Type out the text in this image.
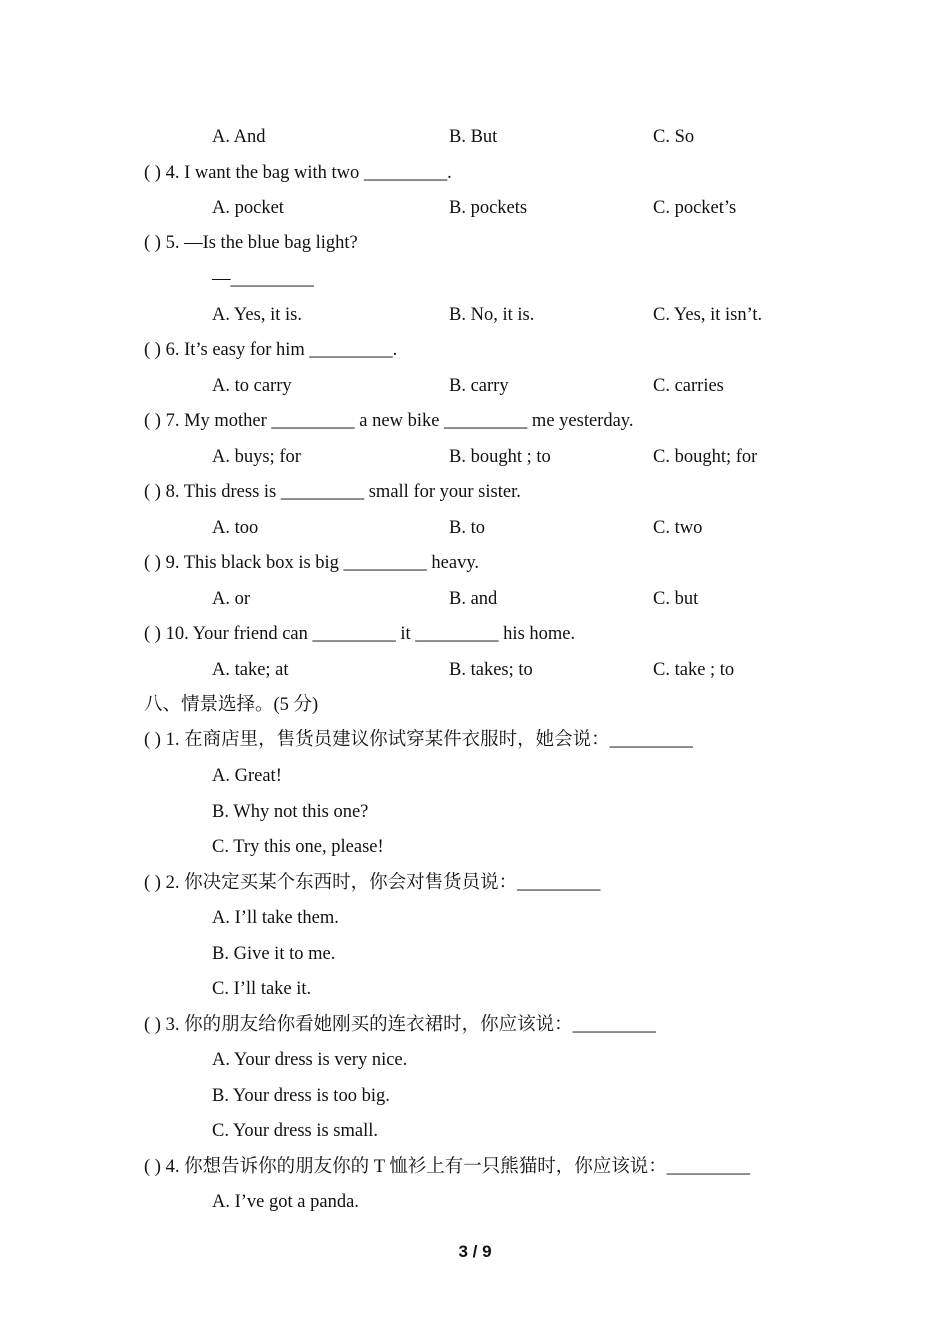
A. And	B. But	C. So
( ) 4. I want the bag with two _________.
A. pocket	B. pockets	C. pocket’s
( ) 5. —Is the blue bag light?
—_________
A. Yes, it is.	B. No, it is.	C. Yes, it isn’t.
( ) 6. It’s easy for him _________.
A. to carry	B. carry	C. carries
( ) 7. My mother _________ a new bike _________ me yesterday.
A. buys; for	B. bought ; to	C. bought; for
( ) 8. This dress is _________ small for your sister.
A. too	B. to	C. two
( ) 9. This black box is big _________ heavy.
A. or	B. and	C. but
( ) 10. Your friend can _________ it _________ his home.
A. take; at	B. takes; to	C. take ; to
八、情景选择。(5 分)
( ) 1. 在商店里，售货员建议你试穿某件衣服时，她会说：_________
A. Great!
B. Why not this one?
C. Try this one, please!
( ) 2. 你决定买某个东西时，你会对售货员说：_________
A. I’ll take them.
B. Give it to me.
C. I’ll take it.
( ) 3. 你的朋友给你看她刚买的连衣裙时，你应该说：_________
A. Your dress is very nice.
B. Your dress is too big.
C. Your dress is small.
( ) 4. 你想告诉你的朋友你的 T 恤衫上有一只熊猫时，你应该说：_________
A. I’ve got a panda.
3 / 9
